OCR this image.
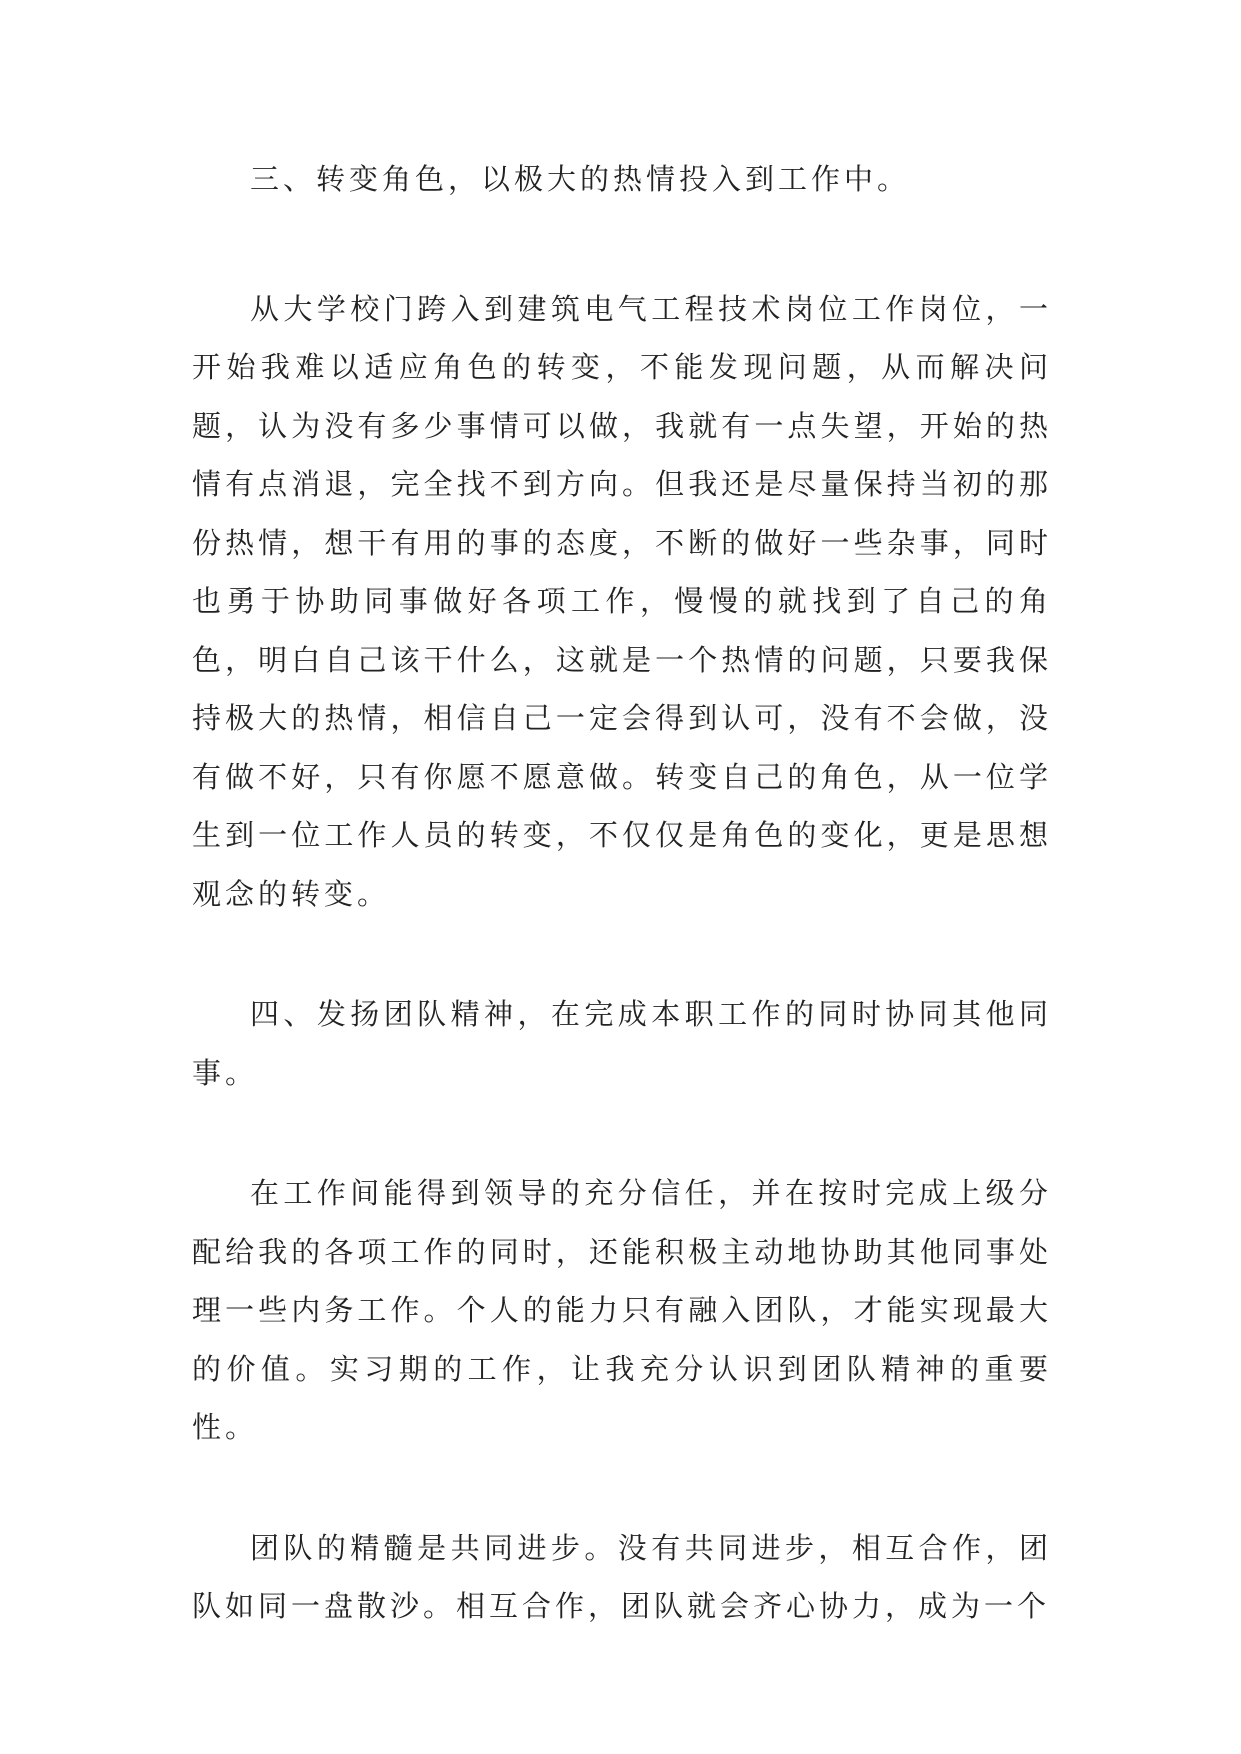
三、转变角色，以极大的热情投入到工作中。

从大学校门跨入到建筑电气工程技术岗位工作岗位，一开始我难以适应角色的转变，不能发现问题，从而解决问题，认为没有多少事情可以做，我就有一点失望，开始的热情有点消退，完全找不到方向。但我还是尽量保持当初的那份热情，想干有用的事的态度，不断的做好一些杂事，同时也勇于协助同事做好各项工作，慢慢的就找到了自己的角色，明白自己该干什么，这就是一个热情的问题，只要我保持极大的热情，相信自己一定会得到认可，没有不会做，没有做不好，只有你愿不愿意做。转变自己的角色，从一位学生到一位工作人员的转变，不仅仅是角色的变化，更是思想观念的转变。

四、发扬团队精神，在完成本职工作的同时协同其他同事。

在工作间能得到领导的充分信任，并在按时完成上级分配给我的各项工作的同时，还能积极主动地协助其他同事处理一些内务工作。个人的能力只有融入团队，才能实现最大的价值。实习期的工作，让我充分认识到团队精神的重要性。

团队的精髓是共同进步。没有共同进步，相互合作，团队如同一盘散沙。相互合作，团队就会齐心协力，成为一个
